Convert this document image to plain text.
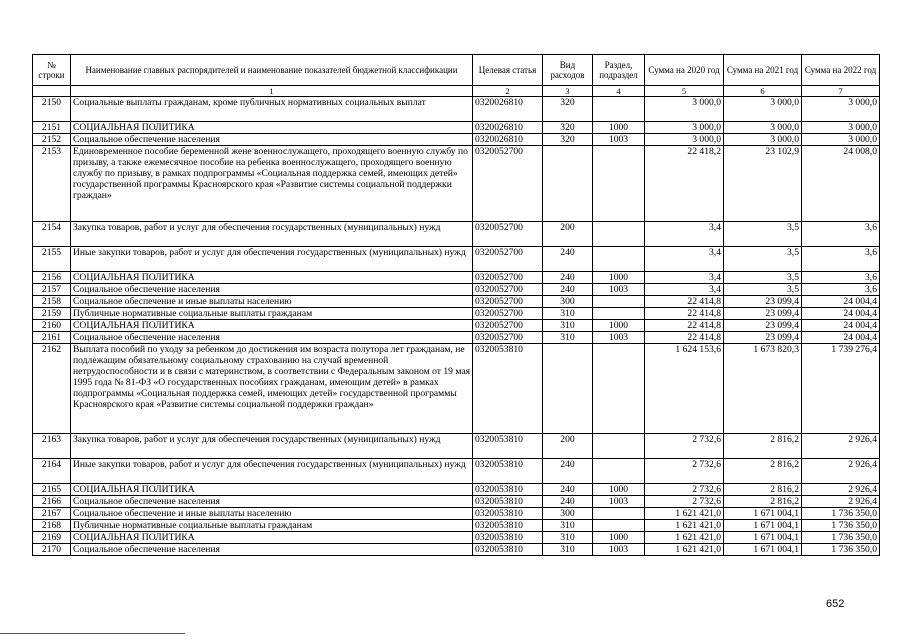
№ строки	Наименование главных распорядителей и наименование показателей бюджетной классификации	Целевая статья	Вид расходов	Раздел, подраздел	Сумма на 2020 год	Сумма на 2021 год	Сумма на 2022 год
	1	2	3	4	5	6	7
2150	Социальные выплаты гражданам, кроме публичных нормативных социальных выплат	0320026810	320		3 000,0	3 000,0	3 000,0
2151	СОЦИАЛЬНАЯ ПОЛИТИКА	0320026810	320	1000	3 000,0	3 000,0	3 000,0
2152	Социальное обеспечение населения	0320026810	320	1003	3 000,0	3 000,0	3 000,0
2153	Единовременное пособие беременной жене военнослужащего, проходящего военную службу по призыву, а также ежемесячное пособие на ребенка военнослужащего, проходящего военную службу по призыву, в рамках подпрограммы «Социальная поддержка семей, имеющих детей» государственной программы Красноярского края «Развитие системы социальной поддержки граждан»	0320052700			22 418,2	23 102,9	24 008,0
2154	Закупка товаров, работ и услуг для обеспечения государственных (муниципальных) нужд	0320052700	200		3,4	3,5	3,6
2155	Иные закупки товаров, работ и услуг для обеспечения государственных (муниципальных) нужд	0320052700	240		3,4	3,5	3,6
2156	СОЦИАЛЬНАЯ ПОЛИТИКА	0320052700	240	1000	3,4	3,5	3,6
2157	Социальное обеспечение населения	0320052700	240	1003	3,4	3,5	3,6
2158	Социальное обеспечение и иные выплаты населению	0320052700	300		22 414,8	23 099,4	24 004,4
2159	Публичные нормативные социальные выплаты гражданам	0320052700	310		22 414,8	23 099,4	24 004,4
2160	СОЦИАЛЬНАЯ ПОЛИТИКА	0320052700	310	1000	22 414,8	23 099,4	24 004,4
2161	Социальное обеспечение населения	0320052700	310	1003	22 414,8	23 099,4	24 004,4
2162	Выплата пособий по уходу за ребенком до достижения им возраста полутора лет гражданам, не подлежащим обязательному социальному страхованию на случай временной нетрудоспособности и в связи с материнством, в соответствии с Федеральным законом от 19 мая 1995 года № 81-ФЗ «О государственных пособиях гражданам, имеющим детей» в рамках подпрограммы «Социальная поддержка семей, имеющих детей» государственной программы Красноярского края «Развитие системы социальной поддержки граждан»	0320053810			1 624 153,6	1 673 820,3	1 739 276,4
2163	Закупка товаров, работ и услуг для обеспечения государственных (муниципальных) нужд	0320053810	200		2 732,6	2 816,2	2 926,4
2164	Иные закупки товаров, работ и услуг для обеспечения государственных (муниципальных) нужд	0320053810	240		2 732,6	2 816,2	2 926,4
2165	СОЦИАЛЬНАЯ ПОЛИТИКА	0320053810	240	1000	2 732,6	2 816,2	2 926,4
2166	Социальное обеспечение населения	0320053810	240	1003	2 732,6	2 816,2	2 926,4
2167	Социальное обеспечение и иные выплаты населению	0320053810	300		1 621 421,0	1 671 004,1	1 736 350,0
2168	Публичные нормативные социальные выплаты гражданам	0320053810	310		1 621 421,0	1 671 004,1	1 736 350,0
2169	СОЦИАЛЬНАЯ ПОЛИТИКА	0320053810	310	1000	1 621 421,0	1 671 004,1	1 736 350,0
2170	Социальное обеспечение населения	0320053810	310	1003	1 621 421,0	1 671 004,1	1 736 350,0
652
